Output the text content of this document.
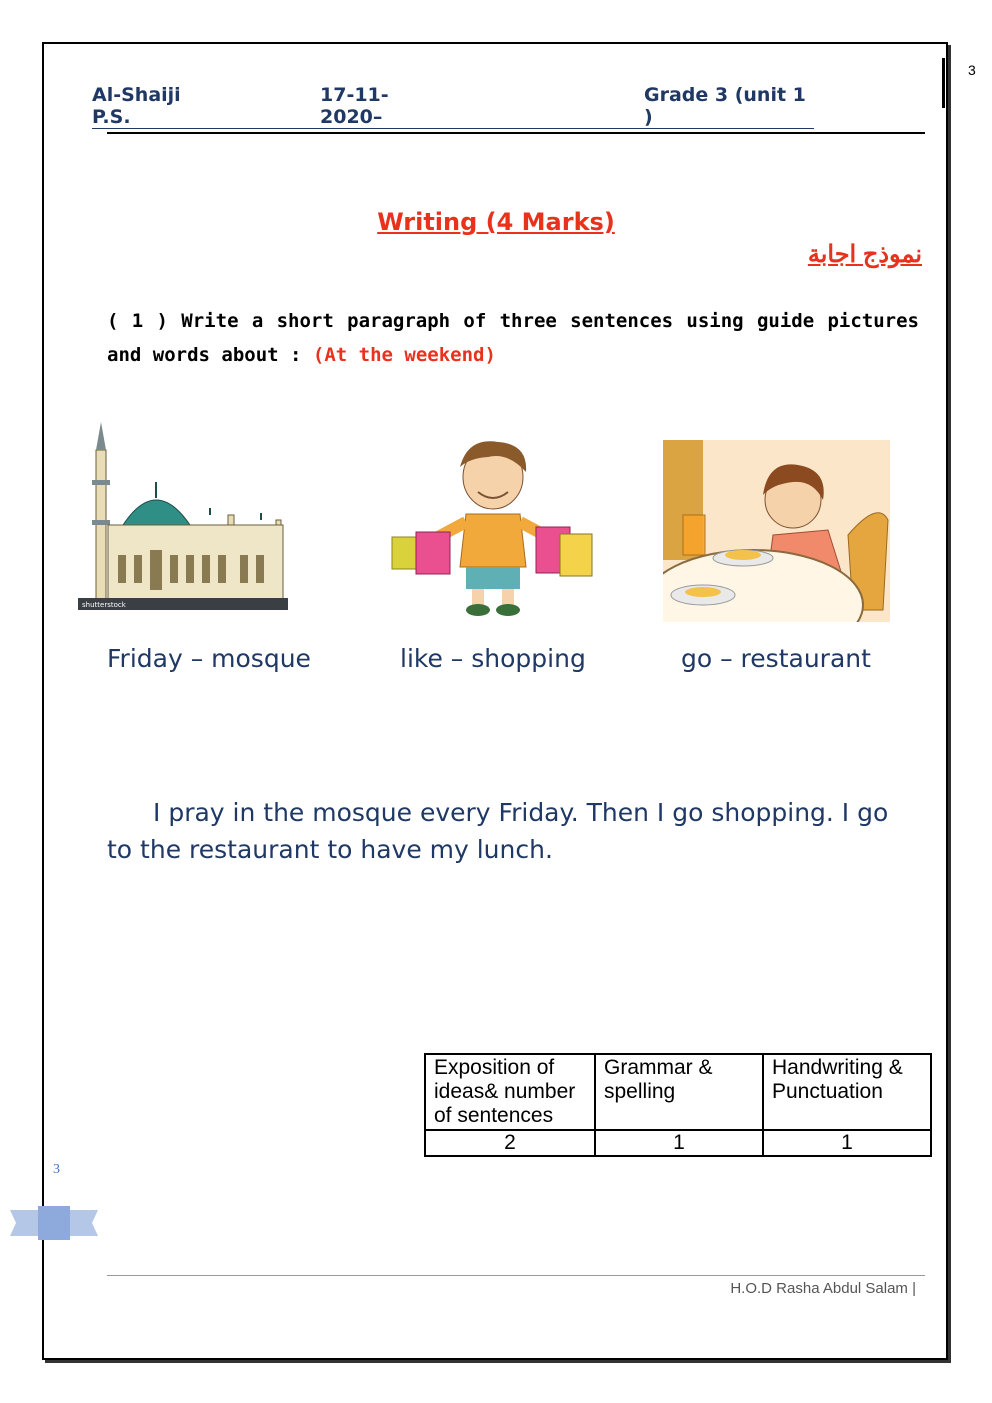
3
Al-Shaiji P.S.
17-11-2020–
Grade 3 (unit 1 )
Writing (4 Marks)
نموذج اجابة
( 1 ) Write a short paragraph of three sentences using guide pictures and words about : (At the weekend)
shutterstock
Friday – mosque	like – shopping	go – restaurant
I pray in the mosque every Friday. Then I go shopping. I go to the restaurant to have my lunch.
Exposition of ideas& number of sentences	Grammar & spelling	Handwriting & Punctuation
2	1	1
3
H.O.D Rasha Abdul Salam |
